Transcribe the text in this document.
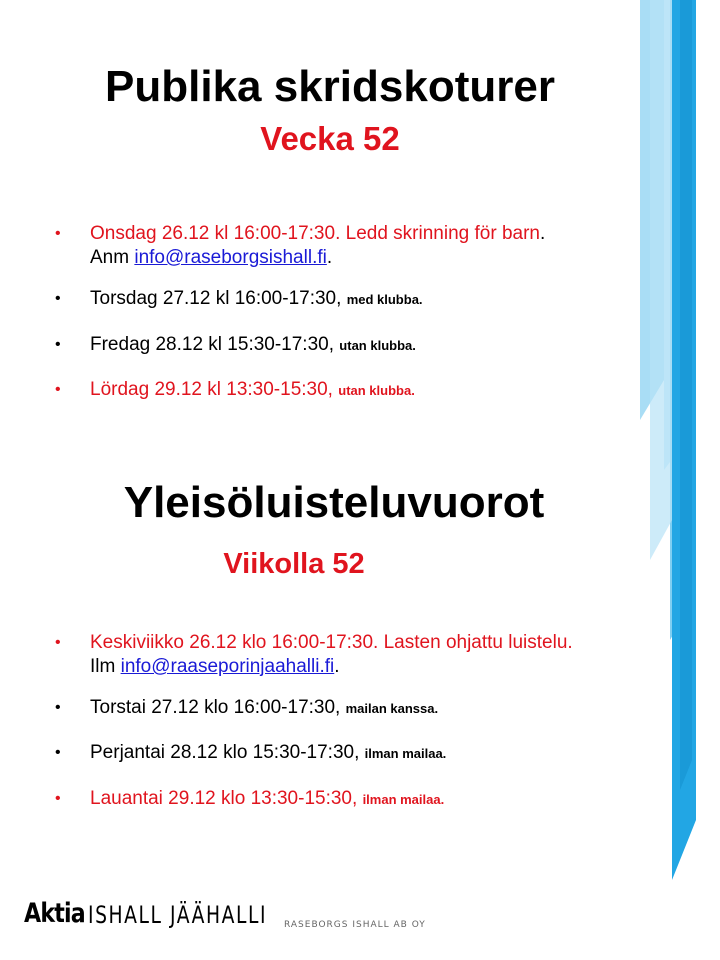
Publika skridskoturer
Vecka 52
• Onsdag 26.12 kl 16:00-17:30. Ledd skrinning för barn.
Anm info@raseborgsishall.fi.
• Torsdag 27.12 kl 16:00-17:30, med klubba.
• Fredag 28.12 kl 15:30-17:30, utan klubba.
• Lördag 29.12 kl 13:30-15:30, utan klubba.
Yleisöluisteluvuorot
Viikolla 52
• Keskiviikko 26.12 klo 16:00-17:30. Lasten ohjattu luistelu.
Ilm info@raaseporinjaahalli.fi.
• Torstai 27.12 klo 16:00-17:30, mailan kanssa.
• Perjantai 28.12 klo 15:30-17:30, ilman mailaa.
• Lauantai 29.12 klo 13:30-15:30, ilman mailaa.
Aktia ISHALL JÄÄHALLI RASEBORGS ISHALL AB OY
